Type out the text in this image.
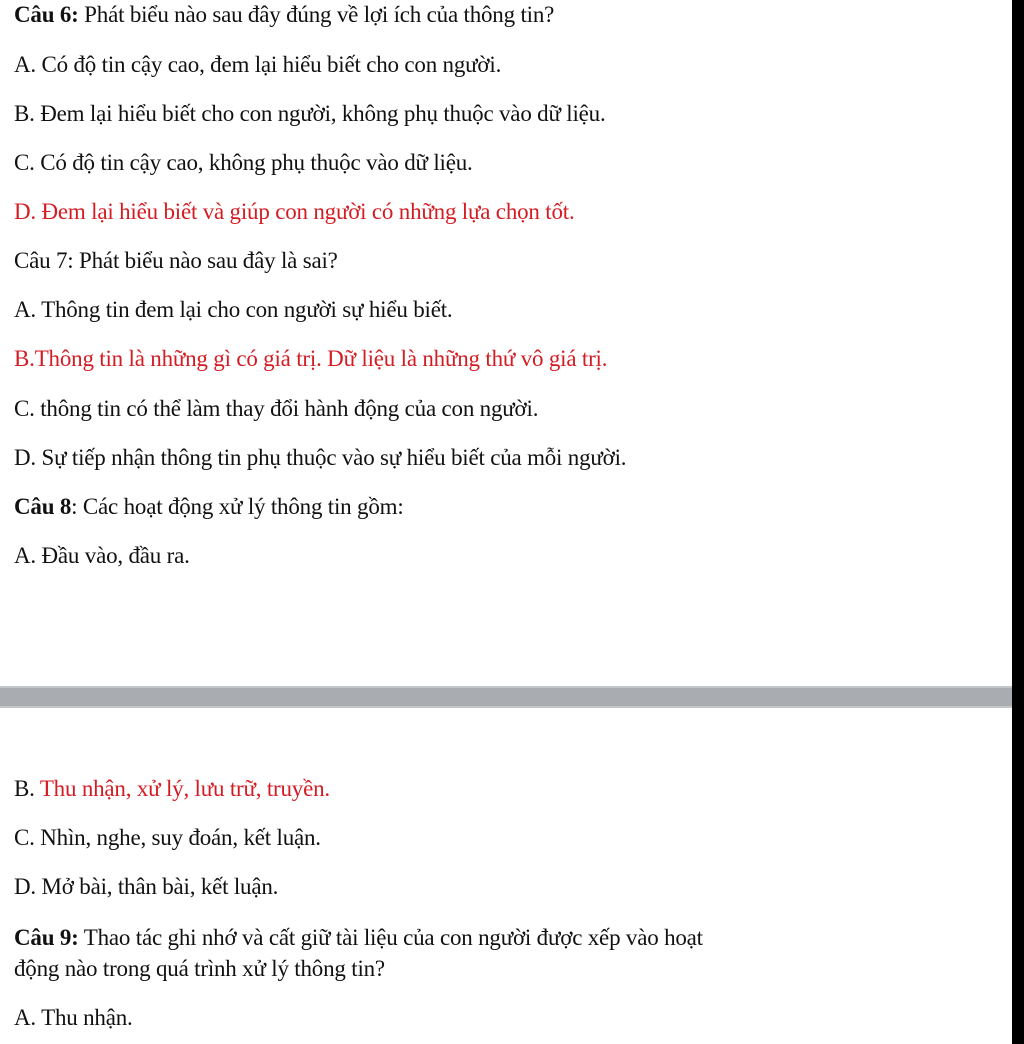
Câu 6: Phát biểu nào sau đây đúng về lợi ích của thông tin?
A. Có độ tin cậy cao, đem lại hiểu biết cho con người.
B. Đem lại hiểu biết cho con người, không phụ thuộc vào dữ liệu.
C. Có độ tin cậy cao, không phụ thuộc vào dữ liệu.
D. Đem lại hiểu biết và giúp con người có những lựa chọn tốt.
Câu 7: Phát biểu nào sau đây là sai?
A. Thông tin đem lại cho con người sự hiểu biết.
B.Thông tin là những gì có giá trị. Dữ liệu là những thứ vô giá trị.
C. thông tin có thể làm thay đổi hành động của con người.
D. Sự tiếp nhận thông tin phụ thuộc vào sự hiểu biết của mỗi người.
Câu 8: Các hoạt động xử lý thông tin gồm:
A. Đầu vào, đầu ra.
B. Thu nhận, xử lý, lưu trữ, truyền.
C. Nhìn, nghe, suy đoán, kết luận.
D. Mở bài, thân bài, kết luận.
Câu 9: Thao tác ghi nhớ và cất giữ tài liệu của con người được xếp vào hoạt
động nào trong quá trình xử lý thông tin?
A. Thu nhận.
